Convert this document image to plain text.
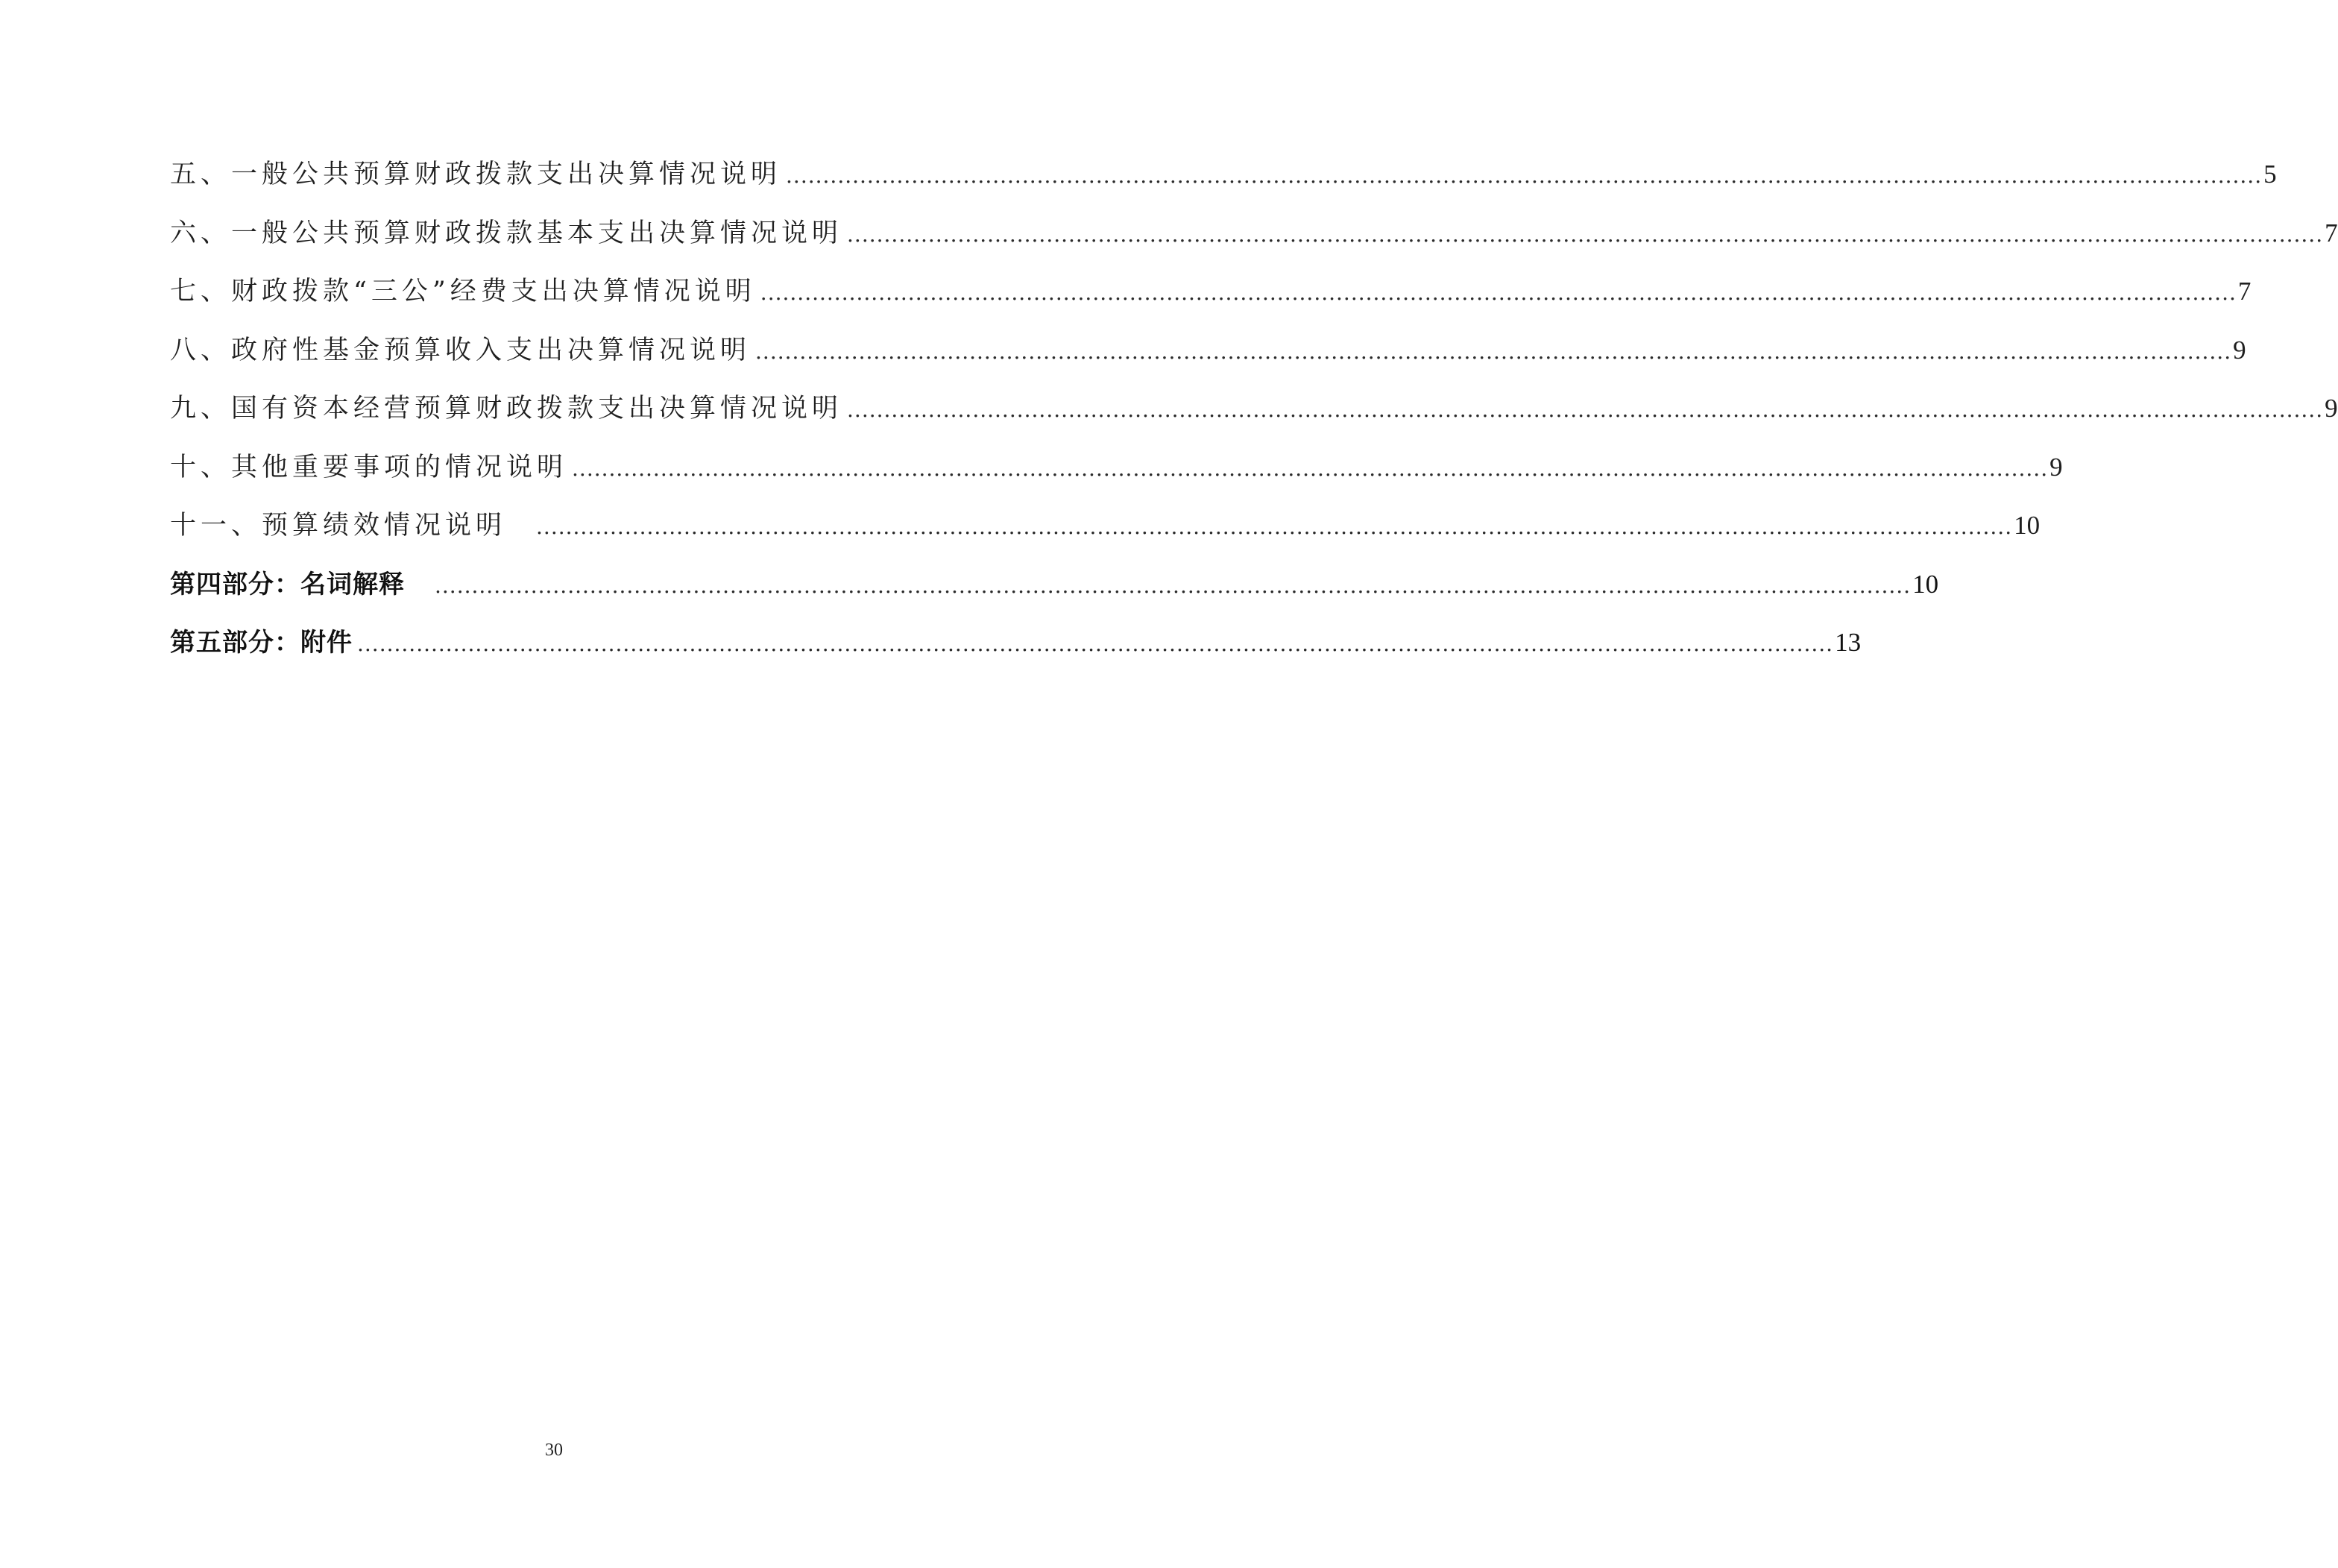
五、一般公共预算财政拨款支出决算情况说明 ........................................................................................................................................................................................................ 5
六、一般公共预算财政拨款基本支出决算情况说明 ........................................................................................................................................................................................................ 7
七、财政拨款“三公”经费支出决算情况说明 ........................................................................................................................................................................................................ 7
八、政府性基金预算收入支出决算情况说明 ........................................................................................................................................................................................................ 9
九、国有资本经营预算财政拨款支出决算情况说明 ........................................................................................................................................................................................................ 9
十、其他重要事项的情况说明 ........................................................................................................................................................................................................ 9
十一、预算绩效情况说明 ........................................................................................................................................................................................................ 10
第四部分：名词解释 ........................................................................................................................................................................................................ 10
第五部分：附件 ........................................................................................................................................................................................................ 13
30
